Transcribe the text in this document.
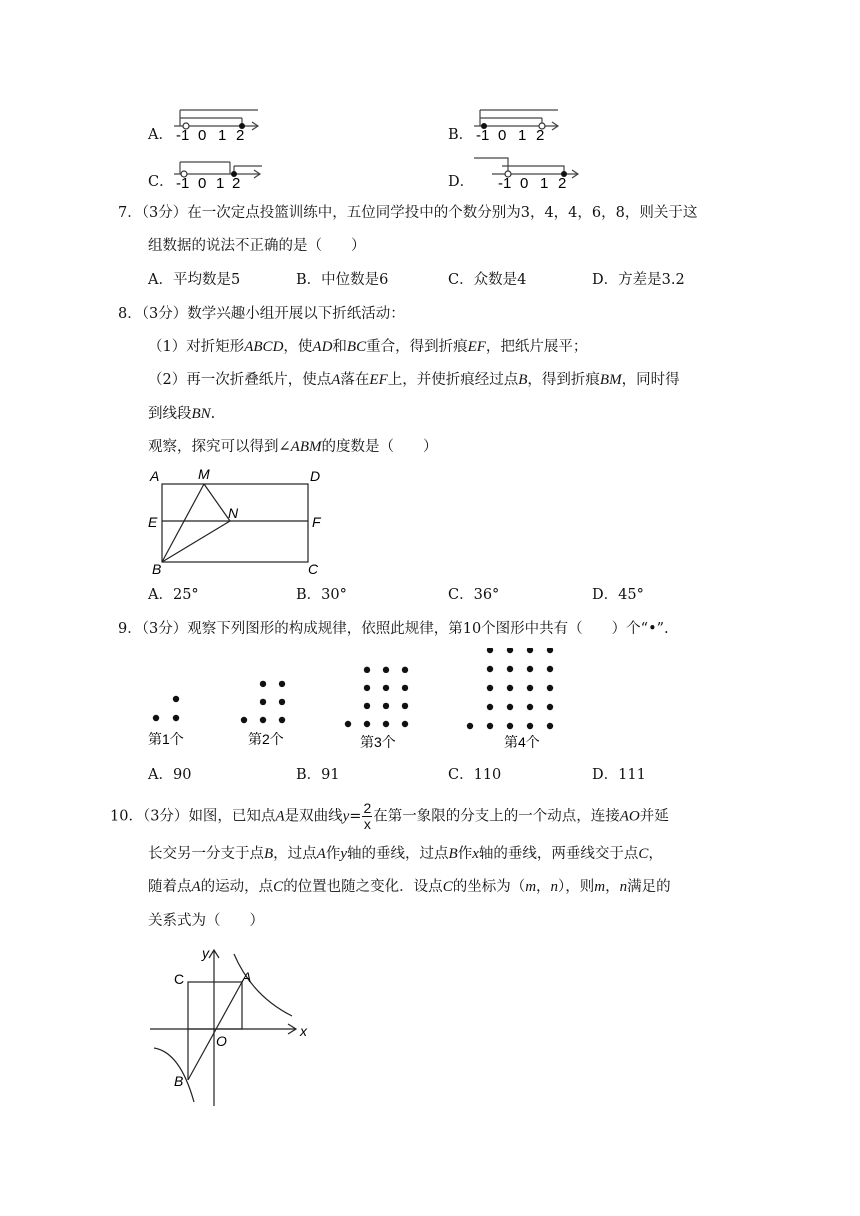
A． -1 0 1 2	B． -1 0 1 2
C． -1 0 1 2	D． -1 0 1 2
7．（3分）在一次定点投篮训练中，五位同学投中的个数分别为3，4，4，6，8，则关于这
组数据的说法不正确的是（　　）
A．平均数是5	B．中位数是6	C．众数是4	D．方差是3.2
8．（3分）数学兴趣小组开展以下折纸活动：
（1）对折矩形ABCD，使AD和BC重合，得到折痕EF，把纸片展平；
（2）再一次折叠纸片，使点A落在EF上，并使折痕经过点B，得到折痕BM，同时得
到线段BN.
观察，探究可以得到∠ABM的度数是（　　）
A	M	D
E
N
F
B	C
A．25°	B．30°	C．36°	D．45°
9．（3分）观察下列图形的构成规律，依照此规律，第10个图形中共有（　　）个“•”.
第1个	第2个	第3个	第4个
A．90	B．91	C．110	D．111
10．（3分）如图，已知点A是双曲线$y= \frac{2}{x}$ 在第一象限的分支上的一个动点，连接AO并延
长交另一分支于点B，过点A作y轴的垂线，过点B作x轴的垂线，两垂线交于点C，
随着点A的运动，点C的位置也随之变化．设点C的坐标为（m，n），则m，n满足的
关系式为（　　）
y
x
A
C
O
B
